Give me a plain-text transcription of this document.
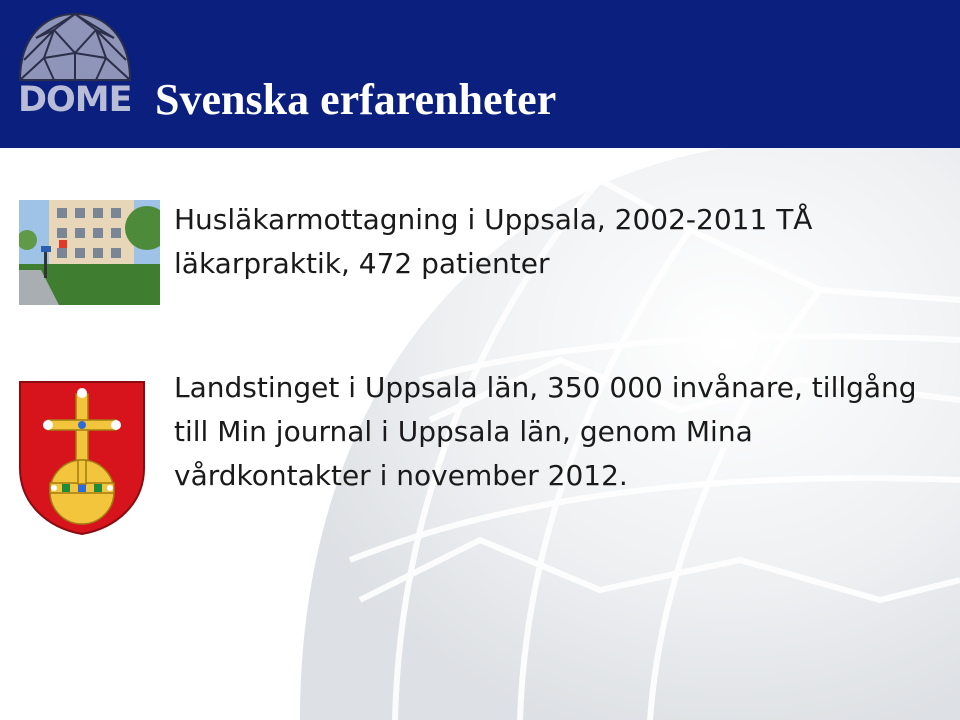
DOME Svenska erfarenheter

Husläkarmottagning i Uppsala, 2002-2011 TÅ
läkarpraktik, 472 patienter

Landstinget i Uppsala län, 350 000 invånare, tillgång
till Min journal i Uppsala län, genom Mina
vårdkontakter i november 2012.
